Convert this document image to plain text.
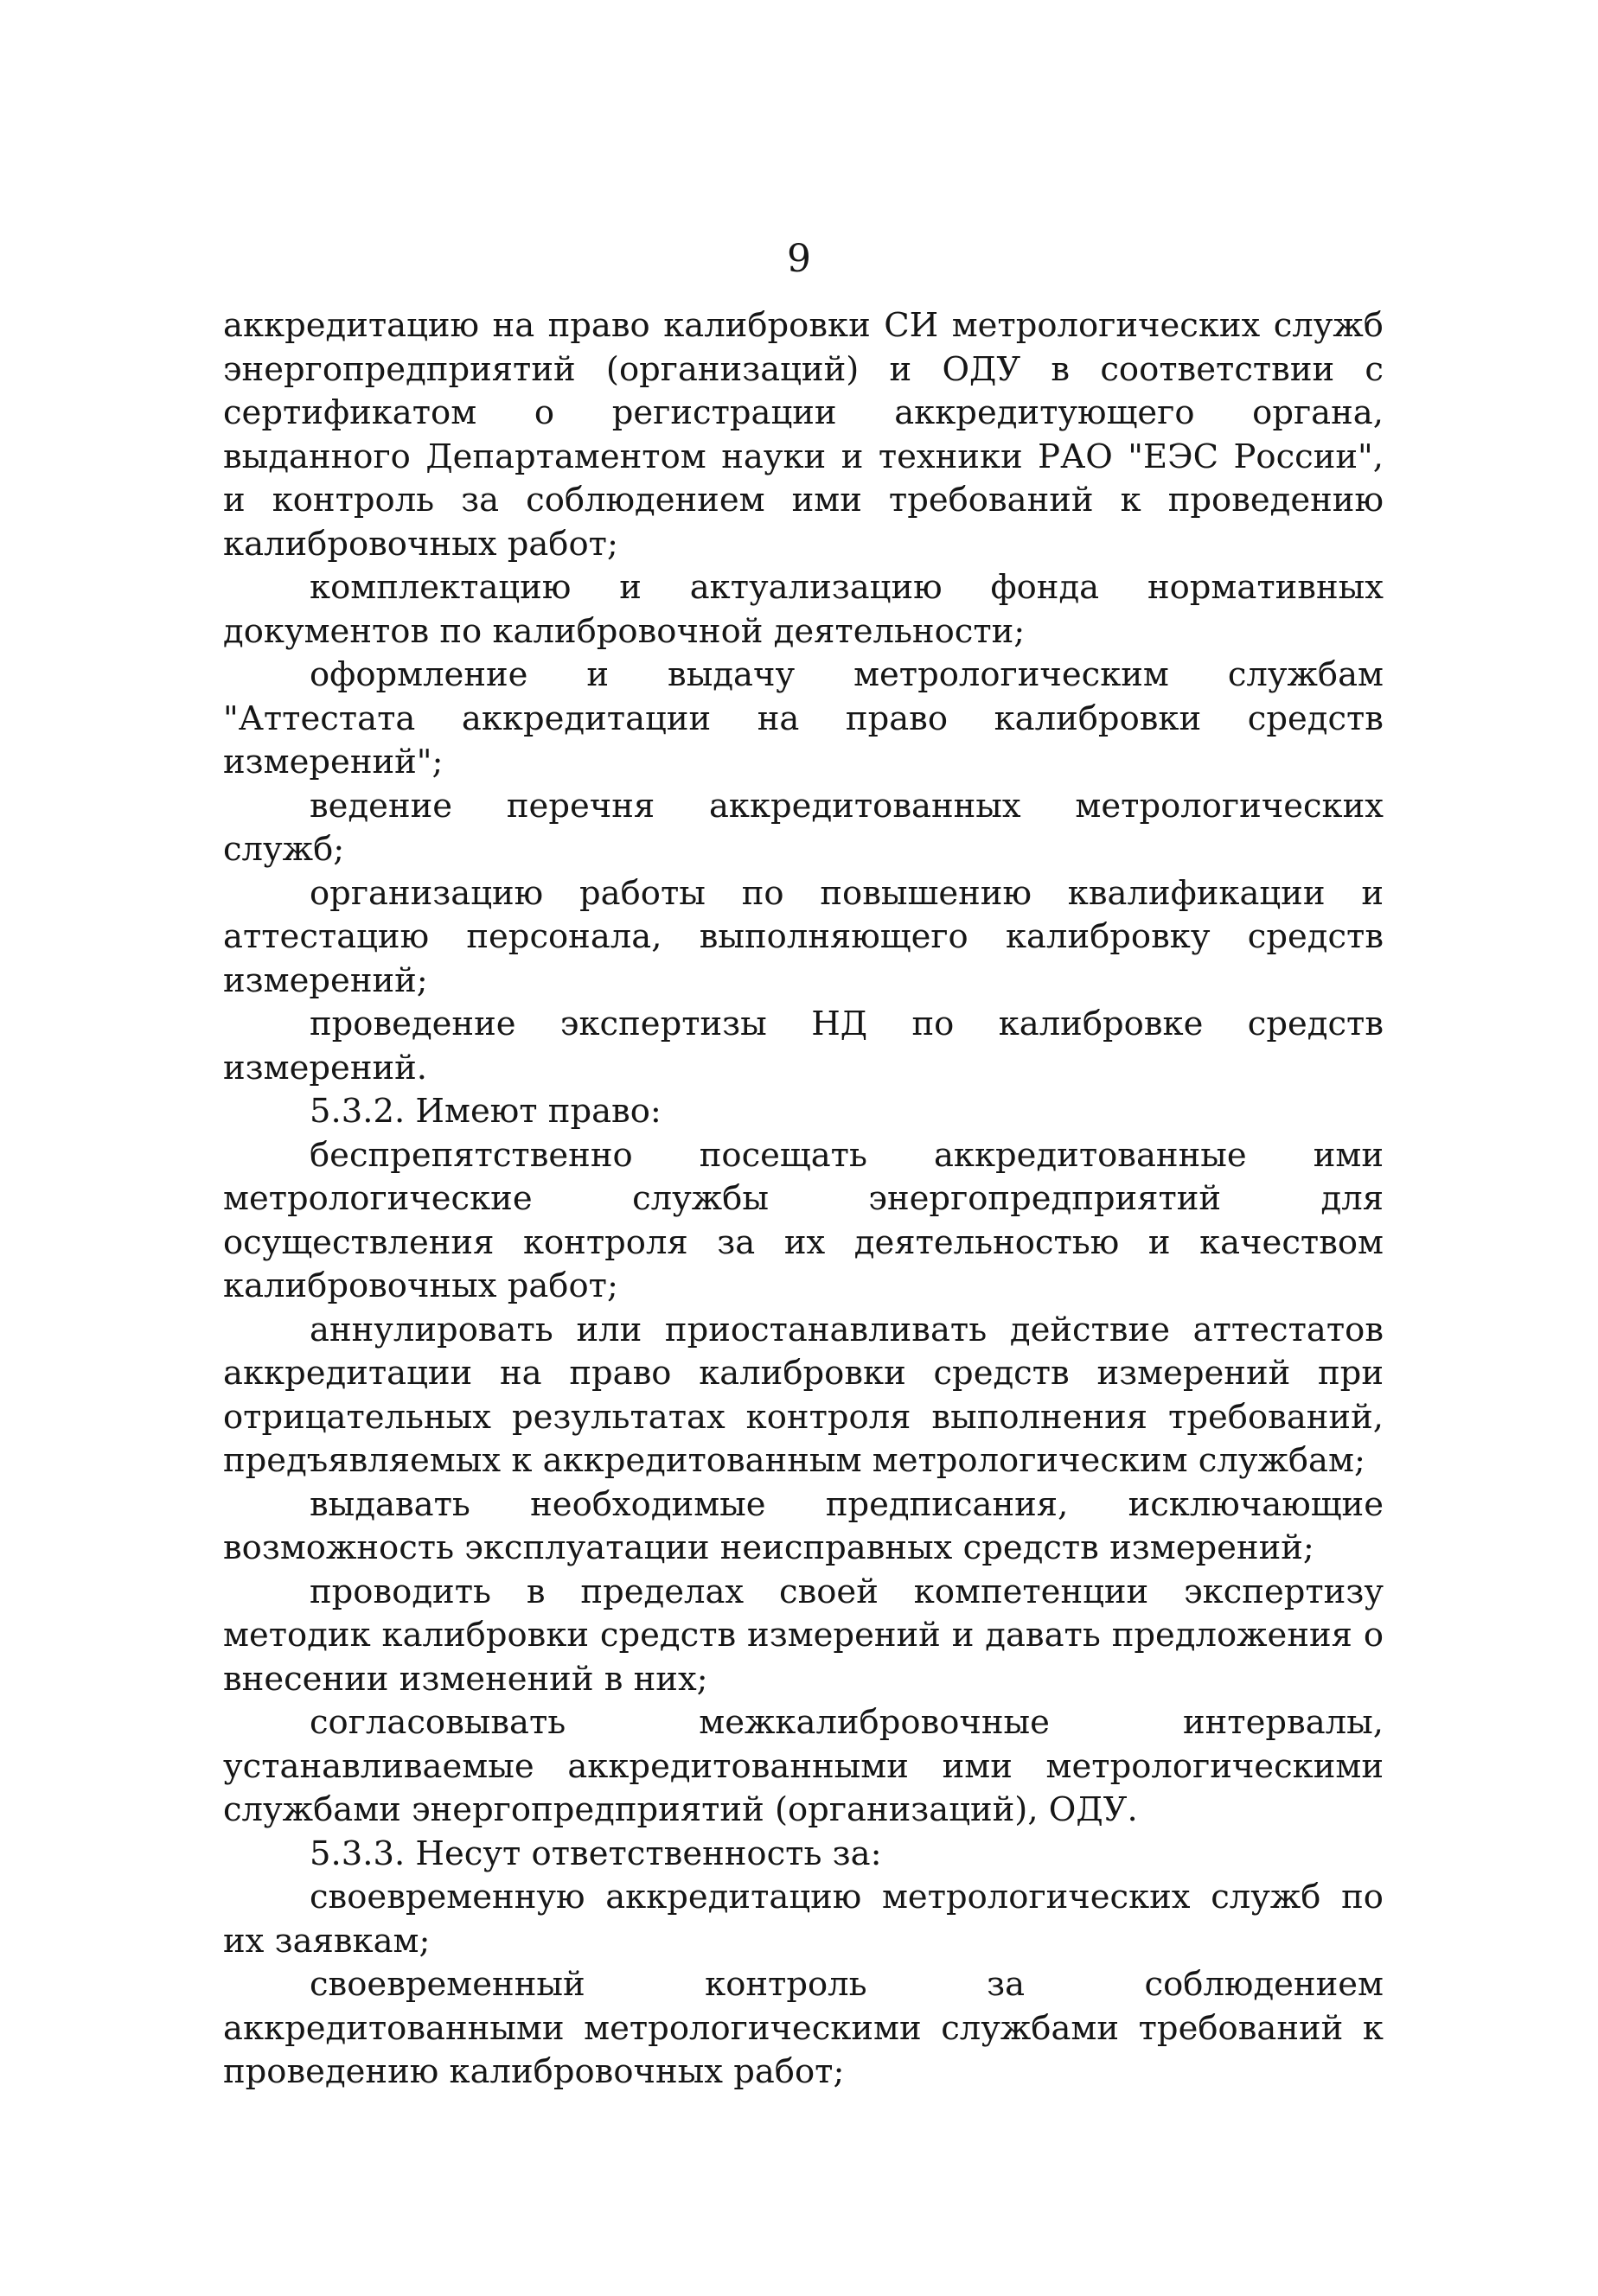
9

аккредитацию на право калибровки СИ метрологических служб энергопредприятий (организаций) и ОДУ в соответствии с сертификатом о регистрации аккредитующего органа, выданного Департаментом науки и техники РАО "ЕЭС России", и контроль за соблюдением ими требований к проведению калибровочных работ;

комплектацию и актуализацию фонда нормативных документов по калибровочной деятельности;

оформление и выдачу метрологическим службам "Аттестата аккредитации на право калибровки средств измерений";

ведение перечня аккредитованных метрологических служб;

организацию работы по повышению квалификации и аттестацию персонала, выполняющего калибровку средств измерений;

проведение экспертизы НД по калибровке средств измерений.

5.3.2. Имеют право:

беспрепятственно посещать аккредитованные ими метрологические службы энергопредприятий для осуществления контроля за их деятельностью и качеством калибровочных работ;

аннулировать или приостанавливать действие аттестатов аккредитации на право калибровки средств измерений при отрицательных результатах контроля выполнения требований, предъявляемых к аккредитованным метрологическим службам;

выдавать необходимые предписания, исключающие возможность эксплуатации неисправных средств измерений;

проводить в пределах своей компетенции экспертизу методик калибровки средств измерений и давать предложения о внесении изменений в них;

согласовывать межкалибровочные интервалы, устанавливаемые аккредитованными ими метрологическими службами энергопредприятий (организаций), ОДУ.

5.3.3. Несут ответственность за:

своевременную аккредитацию метрологических служб по их заявкам;

своевременный контроль за соблюдением аккредитованными метрологическими службами требований к проведению калибровочных работ;
